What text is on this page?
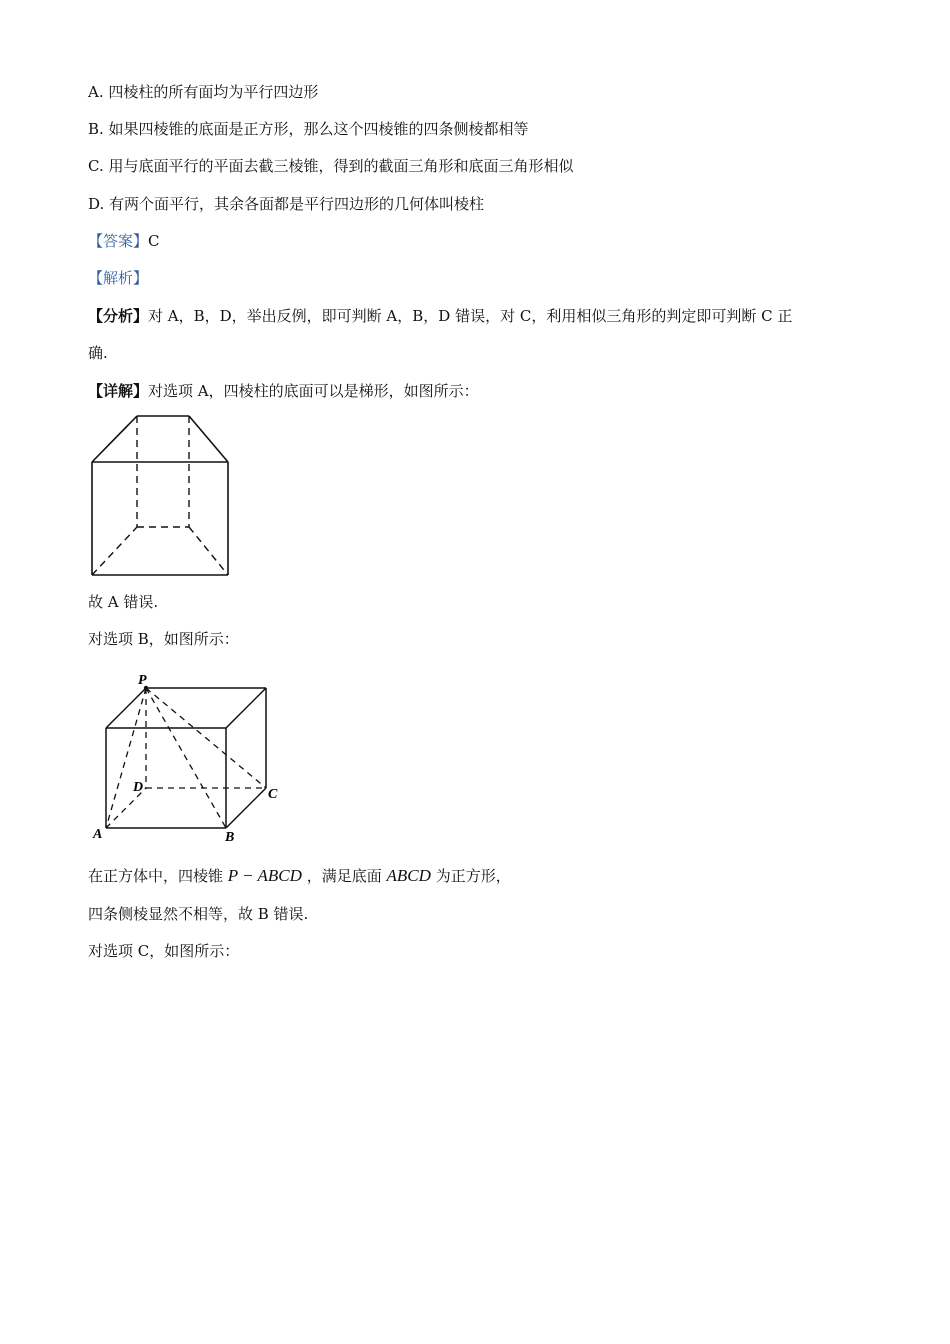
A. 四棱柱的所有面均为平行四边形
B. 如果四棱锥的底面是正方形，那么这个四棱锥的四条侧棱都相等
C. 用与底面平行的平面去截三棱锥，得到的截面三角形和底面三角形相似
D. 有两个面平行，其余各面都是平行四边形的几何体叫棱柱
【答案】C
【解析】
【分析】对 A，B，D，举出反例，即可判断 A，B，D 错误，对 C，利用相似三角形的判定即可判断 C 正
确.
【详解】对选项 A，四棱柱的底面可以是梯形，如图所示：
故 A 错误.
对选项 B，如图所示：
P
D	C
A	B
在正方体中，四棱锥 P − ABCD ，满足底面 ABCD 为正方形，
四条侧棱显然不相等，故 B 错误.
对选项 C，如图所示：
